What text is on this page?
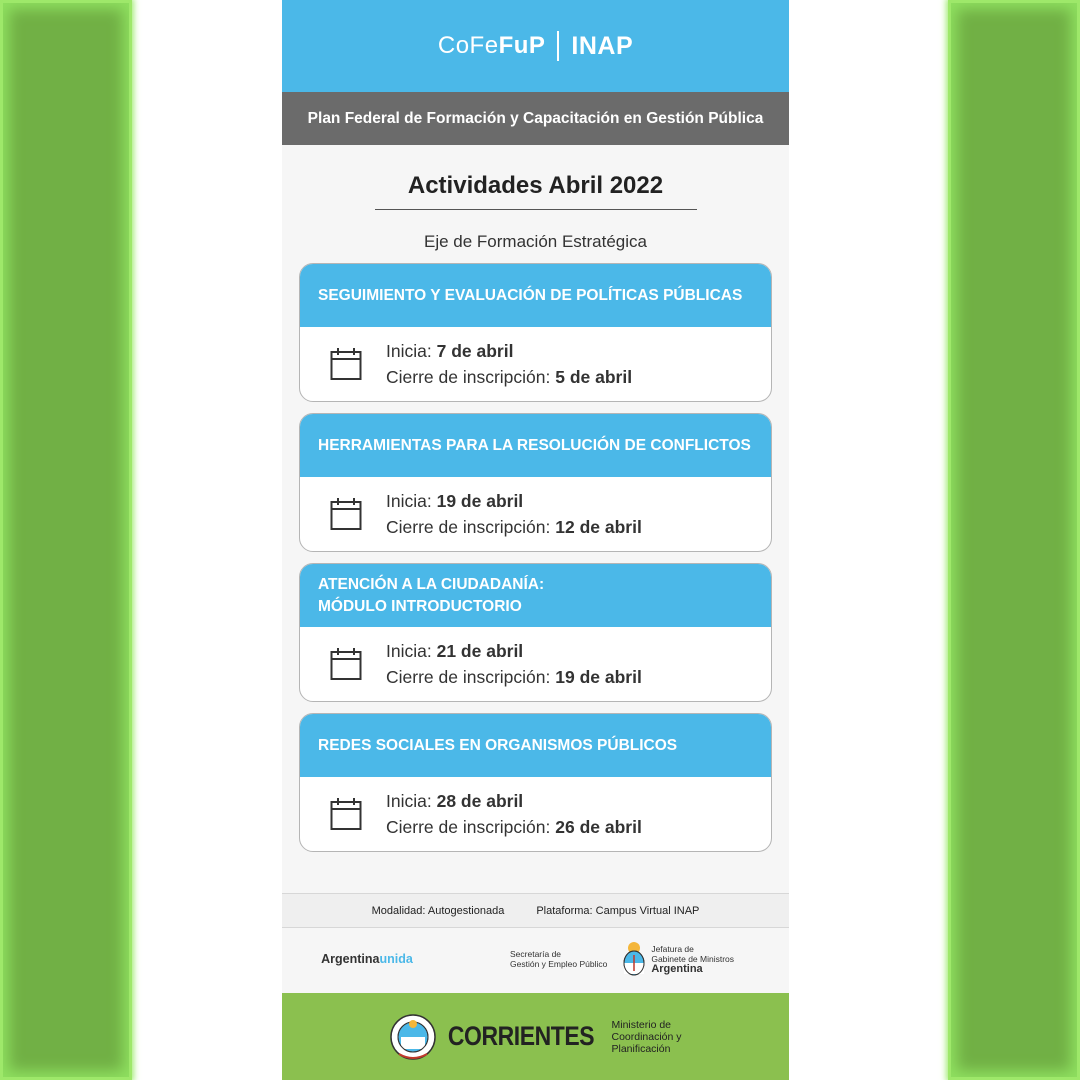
CoFeFuP INAP
Plan Federal de Formación y Capacitación en Gestión Pública
Actividades Abril 2022
Eje de Formación Estratégica
SEGUIMIENTO Y EVALUACIÓN DE POLÍTICAS PÚBLICAS
Inicia: 7 de abril
Cierre de inscripción: 5 de abril
HERRAMIENTAS PARA LA RESOLUCIÓN DE CONFLICTOS
Inicia: 19 de abril
Cierre de inscripción: 12 de abril
ATENCIÓN A LA CIUDADANÍA:
MÓDULO INTRODUCTORIO
Inicia: 21 de abril
Cierre de inscripción: 19 de abril
REDES SOCIALES EN ORGANISMOS PÚBLICOS
Inicia: 28 de abril
Cierre de inscripción: 26 de abril
Modalidad: Autogestionada	Plataforma: Campus Virtual INAP
Argentinaunida	Secretaría de
Gestión y Empleo Público
Jefatura de
Gabinete de Ministros
Argentina
CORRIENTES Ministerio de
Coordinación y
Planificación
